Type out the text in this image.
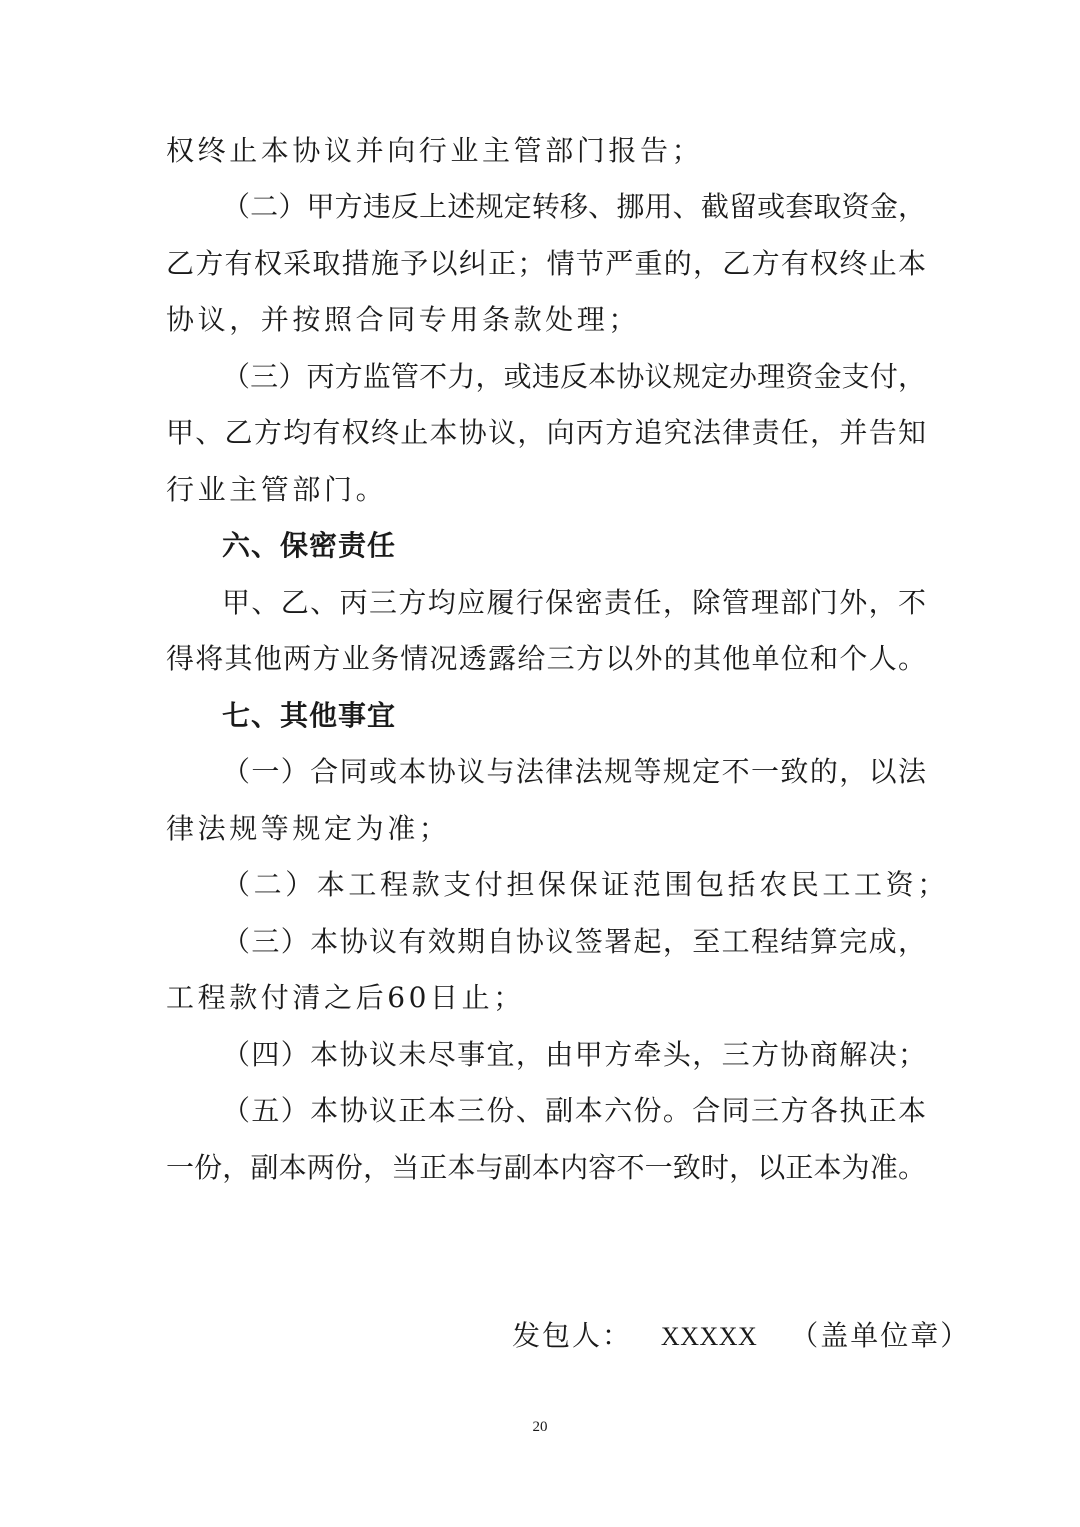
权终止本协议并向行业主管部门报告；
（二）甲方违反上述规定转移、挪用、截留或套取资金，
乙方有权采取措施予以纠正；情节严重的，乙方有权终止本
协议，并按照合同专用条款处理；
（三）丙方监管不力，或违反本协议规定办理资金支付，
甲、乙方均有权终止本协议，向丙方追究法律责任，并告知
行业主管部门。
六、保密责任
甲、乙、丙三方均应履行保密责任，除管理部门外，不
得将其他两方业务情况透露给三方以外的其他单位和个人。
七、其他事宜
（一）合同或本协议与法律法规等规定不一致的，以法
律法规等规定为准；
（二）本工程款支付担保保证范围包括农民工工资；
（三）本协议有效期自协议签署起，至工程结算完成，
工程款付清之后60日止；
（四）本协议未尽事宜，由甲方牵头，三方协商解决；
（五）本协议正本三份、副本六份。合同三方各执正本
一份，副本两份，当正本与副本内容不一致时，以正本为准。
发包人： XXXXX （盖单位章）
20
